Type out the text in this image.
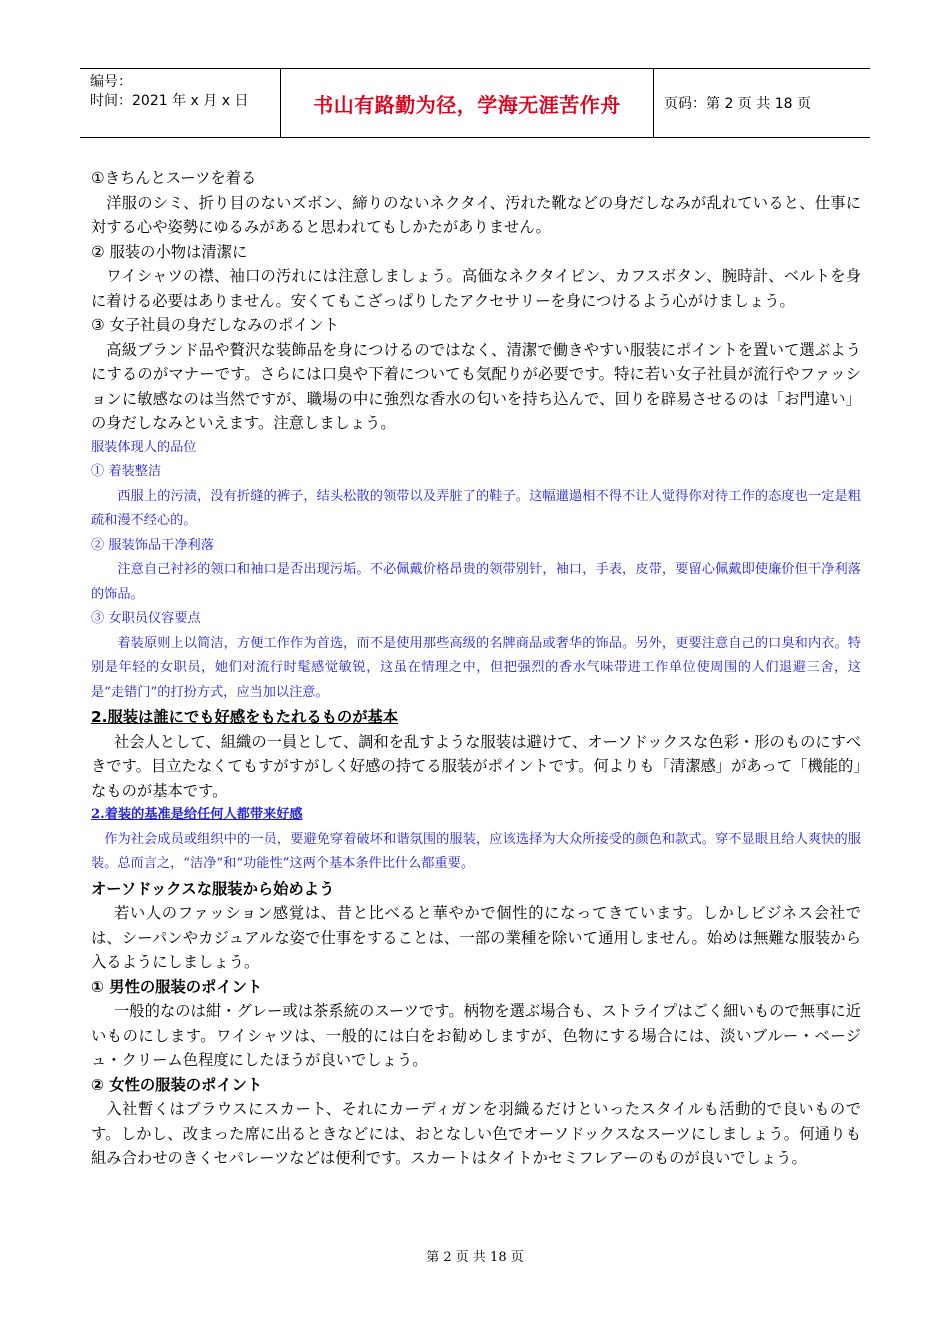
编号：
时间：2021 年 x 月 x 日	书山有路勤为径，学海无涯苦作舟	页码：第 2 页 共 18 页

①きちんとスーツを着る

洋服のシミ、折り目のないズボン、締りのないネクタイ、汚れた靴などの身だしなみが乱れていると、仕事に対する心や姿勢にゆるみがあると思われてもしかたがありません。

② 服装の小物は清潔に

ワイシャツの襟、袖口の汚れには注意しましょう。高価なネクタイピン、カフスボタン、腕時計、ベルトを身に着ける必要はありません。安くてもこざっぱりしたアクセサリーを身につけるよう心がけましょう。

③ 女子社員の身だしなみのポイント

高級ブランド品や贅沢な装飾品を身につけるのではなく、清潔で働きやすい服装にポイントを置いて選ぶようにするのがマナーです。さらには口臭や下着についても気配りが必要です。特に若い女子社員が流行やファッションに敏感なのは当然ですが、職場の中に強烈な香水の匂いを持ち込んで、回りを辟易させるのは「お門違い」の身だしなみといえます。注意しましょう。

服装体现人的品位

① 着装整洁

西服上的污渍，没有折缝的裤子，结头松散的领带以及弄脏了的鞋子。这幅邋遢相不得不让人觉得你对待工作的态度也一定是粗疏和漫不经心的。

② 服装饰品干净利落

注意自己衬衫的领口和袖口是否出现污垢。不必佩戴价格昂贵的领带别针，袖口，手表，皮带，要留心佩戴即使廉价但干净利落的饰品。

③ 女职员仪容要点

着装原则上以简洁，方便工作作为首选，而不是使用那些高级的名牌商品或奢华的饰品。另外，更要注意自己的口臭和内衣。特别是年轻的女职员，她们对流行时髦感觉敏锐，这虽在情理之中，但把强烈的香水气味带进工作单位使周围的人们退避三舍，这是“走错门”的打扮方式，应当加以注意。

2.服装は誰にでも好感をもたれるものが基本

社会人として、組織の一員として、調和を乱すような服装は避けて、オーソドックスな色彩・形のものにすべきです。目立たなくてもすがすがしく好感の持てる服装がポイントです。何よりも「清潔感」があって「機能的」なものが基本です。

2.着装的基准是给任何人都带来好感

作为社会成员或组织中的一员，要避免穿着破坏和谐氛围的服装，应该选择为大众所接受的颜色和款式。穿不显眼且给人爽快的服装。总而言之，“洁净”和“功能性”这两个基本条件比什么都重要。

オーソドックスな服装から始めよう

若い人のファッション感覚は、昔と比べると華やかで個性的になってきています。しかしビジネス会社では、シーパンやカジュアルな姿で仕事をすることは、一部の業種を除いて通用しません。始めは無難な服装から入るようにしましょう。

① 男性の服装のポイント

一般的なのは紺・グレー或は茶系統のスーツです。柄物を選ぶ場合も、ストライプはごく細いもので無事に近いものにします。ワイシャツは、一般的には白をお勧めしますが、色物にする場合には、淡いブルー・ベージュ・クリーム色程度にしたほうが良いでしょう。

② 女性の服装のポイント

入社暫くはブラウスにスカート、それにカーディガンを羽織るだけといったスタイルも活動的で良いものです。しかし、改まった席に出るときなどには、おとなしい色でオーソドックスなスーツにしましょう。何通りも組み合わせのきくセパレーツなどは便利です。スカートはタイトかセミフレアーのものが良いでしょう。

第 2 页 共 18 页
